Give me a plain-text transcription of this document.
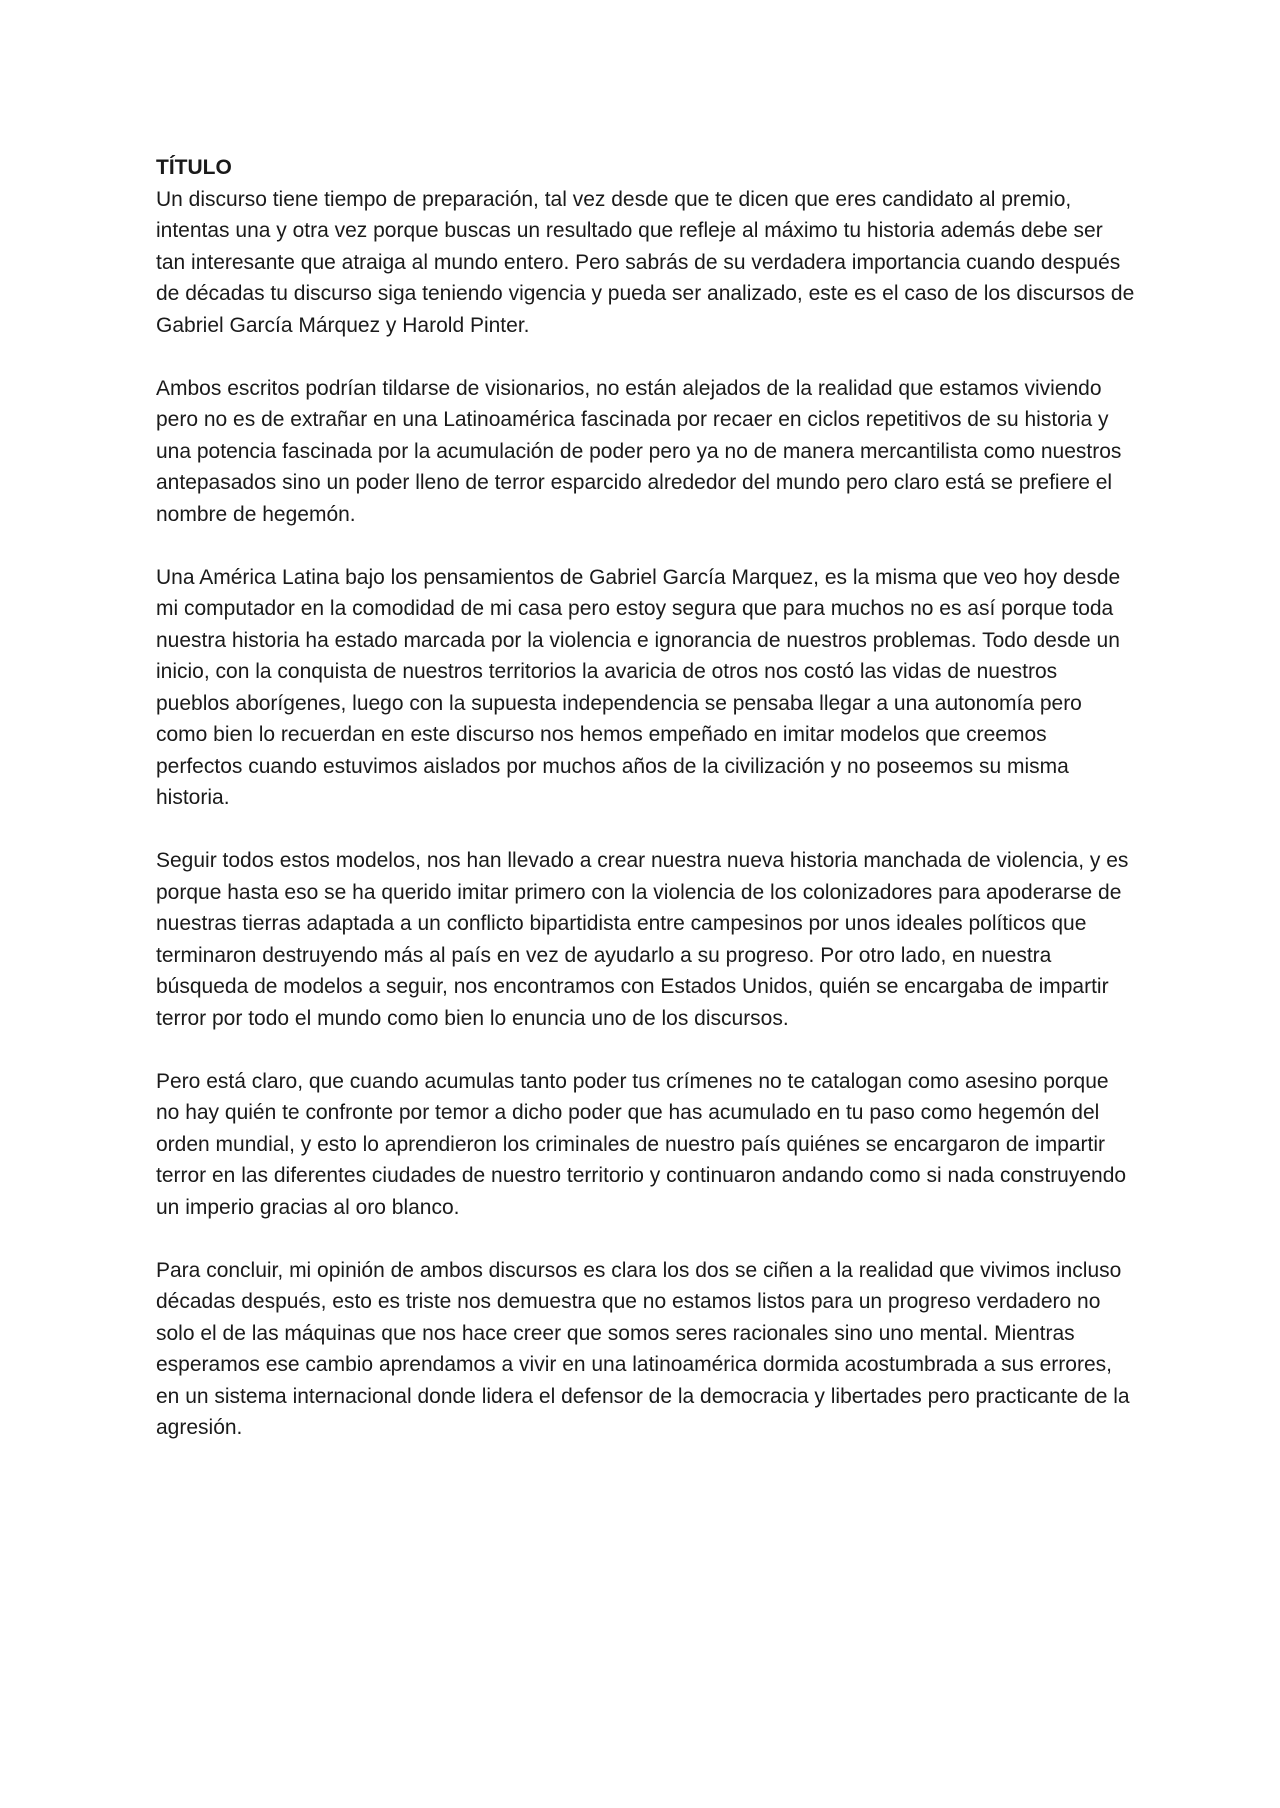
TÍTULO

Un discurso tiene tiempo de preparación, tal vez desde que te dicen que eres candidato al premio, intentas una y otra vez porque buscas un resultado que refleje al máximo tu historia además debe ser tan interesante que atraiga al mundo entero. Pero sabrás de su verdadera importancia cuando después de décadas tu discurso siga teniendo vigencia y pueda ser analizado, este es el caso de los discursos de Gabriel García Márquez y Harold Pinter.

Ambos escritos podrían tildarse de visionarios, no están alejados de la realidad que estamos viviendo pero no es de extrañar en una Latinoamérica fascinada por recaer en ciclos repetitivos de su historia y una potencia fascinada por la acumulación de poder pero ya no de manera mercantilista como nuestros antepasados sino un poder lleno de terror esparcido alrededor del mundo pero claro está se prefiere el nombre de hegemón.

Una América Latina bajo los pensamientos de Gabriel García Marquez, es la misma que veo hoy desde mi computador en la comodidad de mi casa pero estoy segura que para muchos no es así porque toda nuestra historia ha estado marcada por la violencia e ignorancia de nuestros problemas. Todo desde un inicio, con la conquista de nuestros territorios la avaricia de otros nos costó las vidas de nuestros pueblos aborígenes, luego con la supuesta independencia se pensaba llegar a una autonomía pero como bien lo recuerdan en este discurso nos hemos empeñado en imitar modelos que creemos perfectos cuando estuvimos aislados por muchos años de la civilización y no poseemos su misma historia.

Seguir todos estos modelos, nos han llevado a crear nuestra nueva historia manchada de violencia, y es porque hasta eso se ha querido imitar primero con la violencia de los colonizadores para apoderarse de nuestras tierras adaptada a un conflicto bipartidista entre campesinos por unos ideales políticos que terminaron destruyendo más al país en vez de ayudarlo a su progreso. Por otro lado, en nuestra búsqueda de modelos a seguir, nos encontramos con Estados Unidos, quién se encargaba de impartir terror por todo el mundo como bien lo enuncia uno de los discursos.

Pero está claro, que cuando acumulas tanto poder tus crímenes no te catalogan como asesino porque no hay quién te confronte por temor a dicho poder que has acumulado en tu paso como hegemón del orden mundial, y esto lo aprendieron los criminales de nuestro país quiénes se encargaron de impartir terror en las diferentes ciudades de nuestro territorio y continuaron andando como si nada construyendo un imperio gracias al oro blanco.

Para concluir, mi opinión de ambos discursos es clara los dos se ciñen a la realidad que vivimos incluso décadas después, esto es triste nos demuestra que no estamos listos para un progreso verdadero no solo el de las máquinas que nos hace creer que somos seres racionales sino uno mental. Mientras esperamos ese cambio aprendamos a vivir en una latinoamérica dormida acostumbrada a sus errores, en un sistema internacional donde lidera el defensor de la democracia y libertades pero practicante de la agresión.
